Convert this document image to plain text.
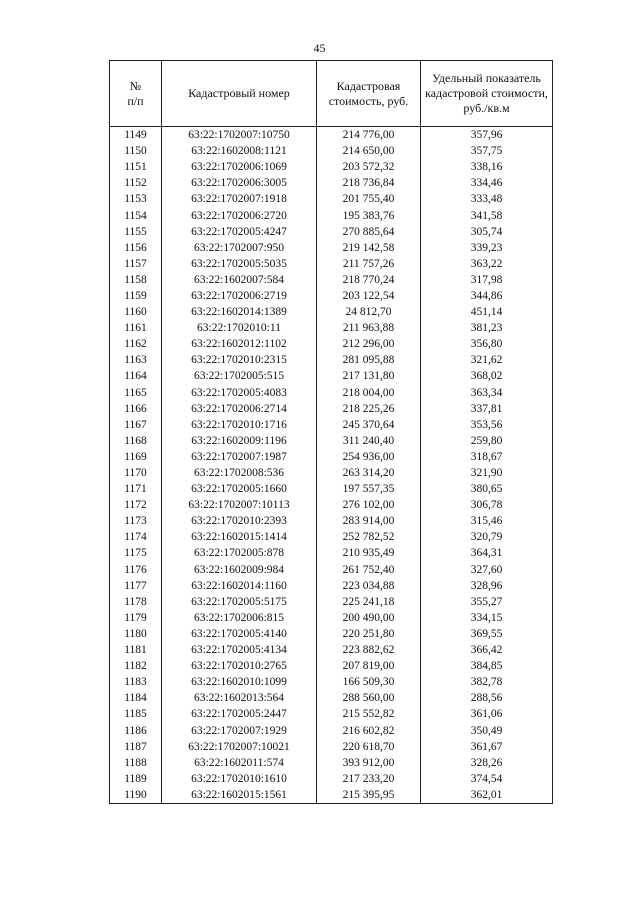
45
№
п/п	Кадастровый номер	Кадастровая стоимость, руб.	Удельный показатель кадастровой стоимости, руб./кв.м
1149	63:22:1702007:10750	214 776,00	357,96
1150	63:22:1602008:1121	214 650,00	357,75
1151	63:22:1702006:1069	203 572,32	338,16
1152	63:22:1702006:3005	218 736,84	334,46
1153	63:22:1702007:1918	201 755,40	333,48
1154	63:22:1702006:2720	195 383,76	341,58
1155	63:22:1702005:4247	270 885,64	305,74
1156	63:22:1702007:950	219 142,58	339,23
1157	63:22:1702005:5035	211 757,26	363,22
1158	63:22:1602007:584	218 770,24	317,98
1159	63:22:1702006:2719	203 122,54	344,86
1160	63:22:1602014:1389	24 812,70	451,14
1161	63:22:1702010:11	211 963,88	381,23
1162	63:22:1602012:1102	212 296,00	356,80
1163	63:22:1702010:2315	281 095,88	321,62
1164	63:22:1702005:515	217 131,80	368,02
1165	63:22:1702005:4083	218 004,00	363,34
1166	63:22:1702006:2714	218 225,26	337,81
1167	63:22:1702010:1716	245 370,64	353,56
1168	63:22:1602009:1196	311 240,40	259,80
1169	63:22:1702007:1987	254 936,00	318,67
1170	63:22:1702008:536	263 314,20	321,90
1171	63:22:1702005:1660	197 557,35	380,65
1172	63:22:1702007:10113	276 102,00	306,78
1173	63:22:1702010:2393	283 914,00	315,46
1174	63:22:1602015:1414	252 782,52	320,79
1175	63:22:1702005:878	210 935,49	364,31
1176	63:22:1602009:984	261 752,40	327,60
1177	63:22:1602014:1160	223 034,88	328,96
1178	63:22:1702005:5175	225 241,18	355,27
1179	63:22:1702006:815	200 490,00	334,15
1180	63:22:1702005:4140	220 251,80	369,55
1181	63:22:1702005:4134	223 882,62	366,42
1182	63:22:1702010:2765	207 819,00	384,85
1183	63:22:1602010:1099	166 509,30	382,78
1184	63:22:1602013:564	288 560,00	288,56
1185	63:22:1702005:2447	215 552,82	361,06
1186	63:22:1702007:1929	216 602,82	350,49
1187	63:22:1702007:10021	220 618,70	361,67
1188	63:22:1602011:574	393 912,00	328,26
1189	63:22:1702010:1610	217 233,20	374,54
1190	63:22:1602015:1561	215 395,95	362,01
